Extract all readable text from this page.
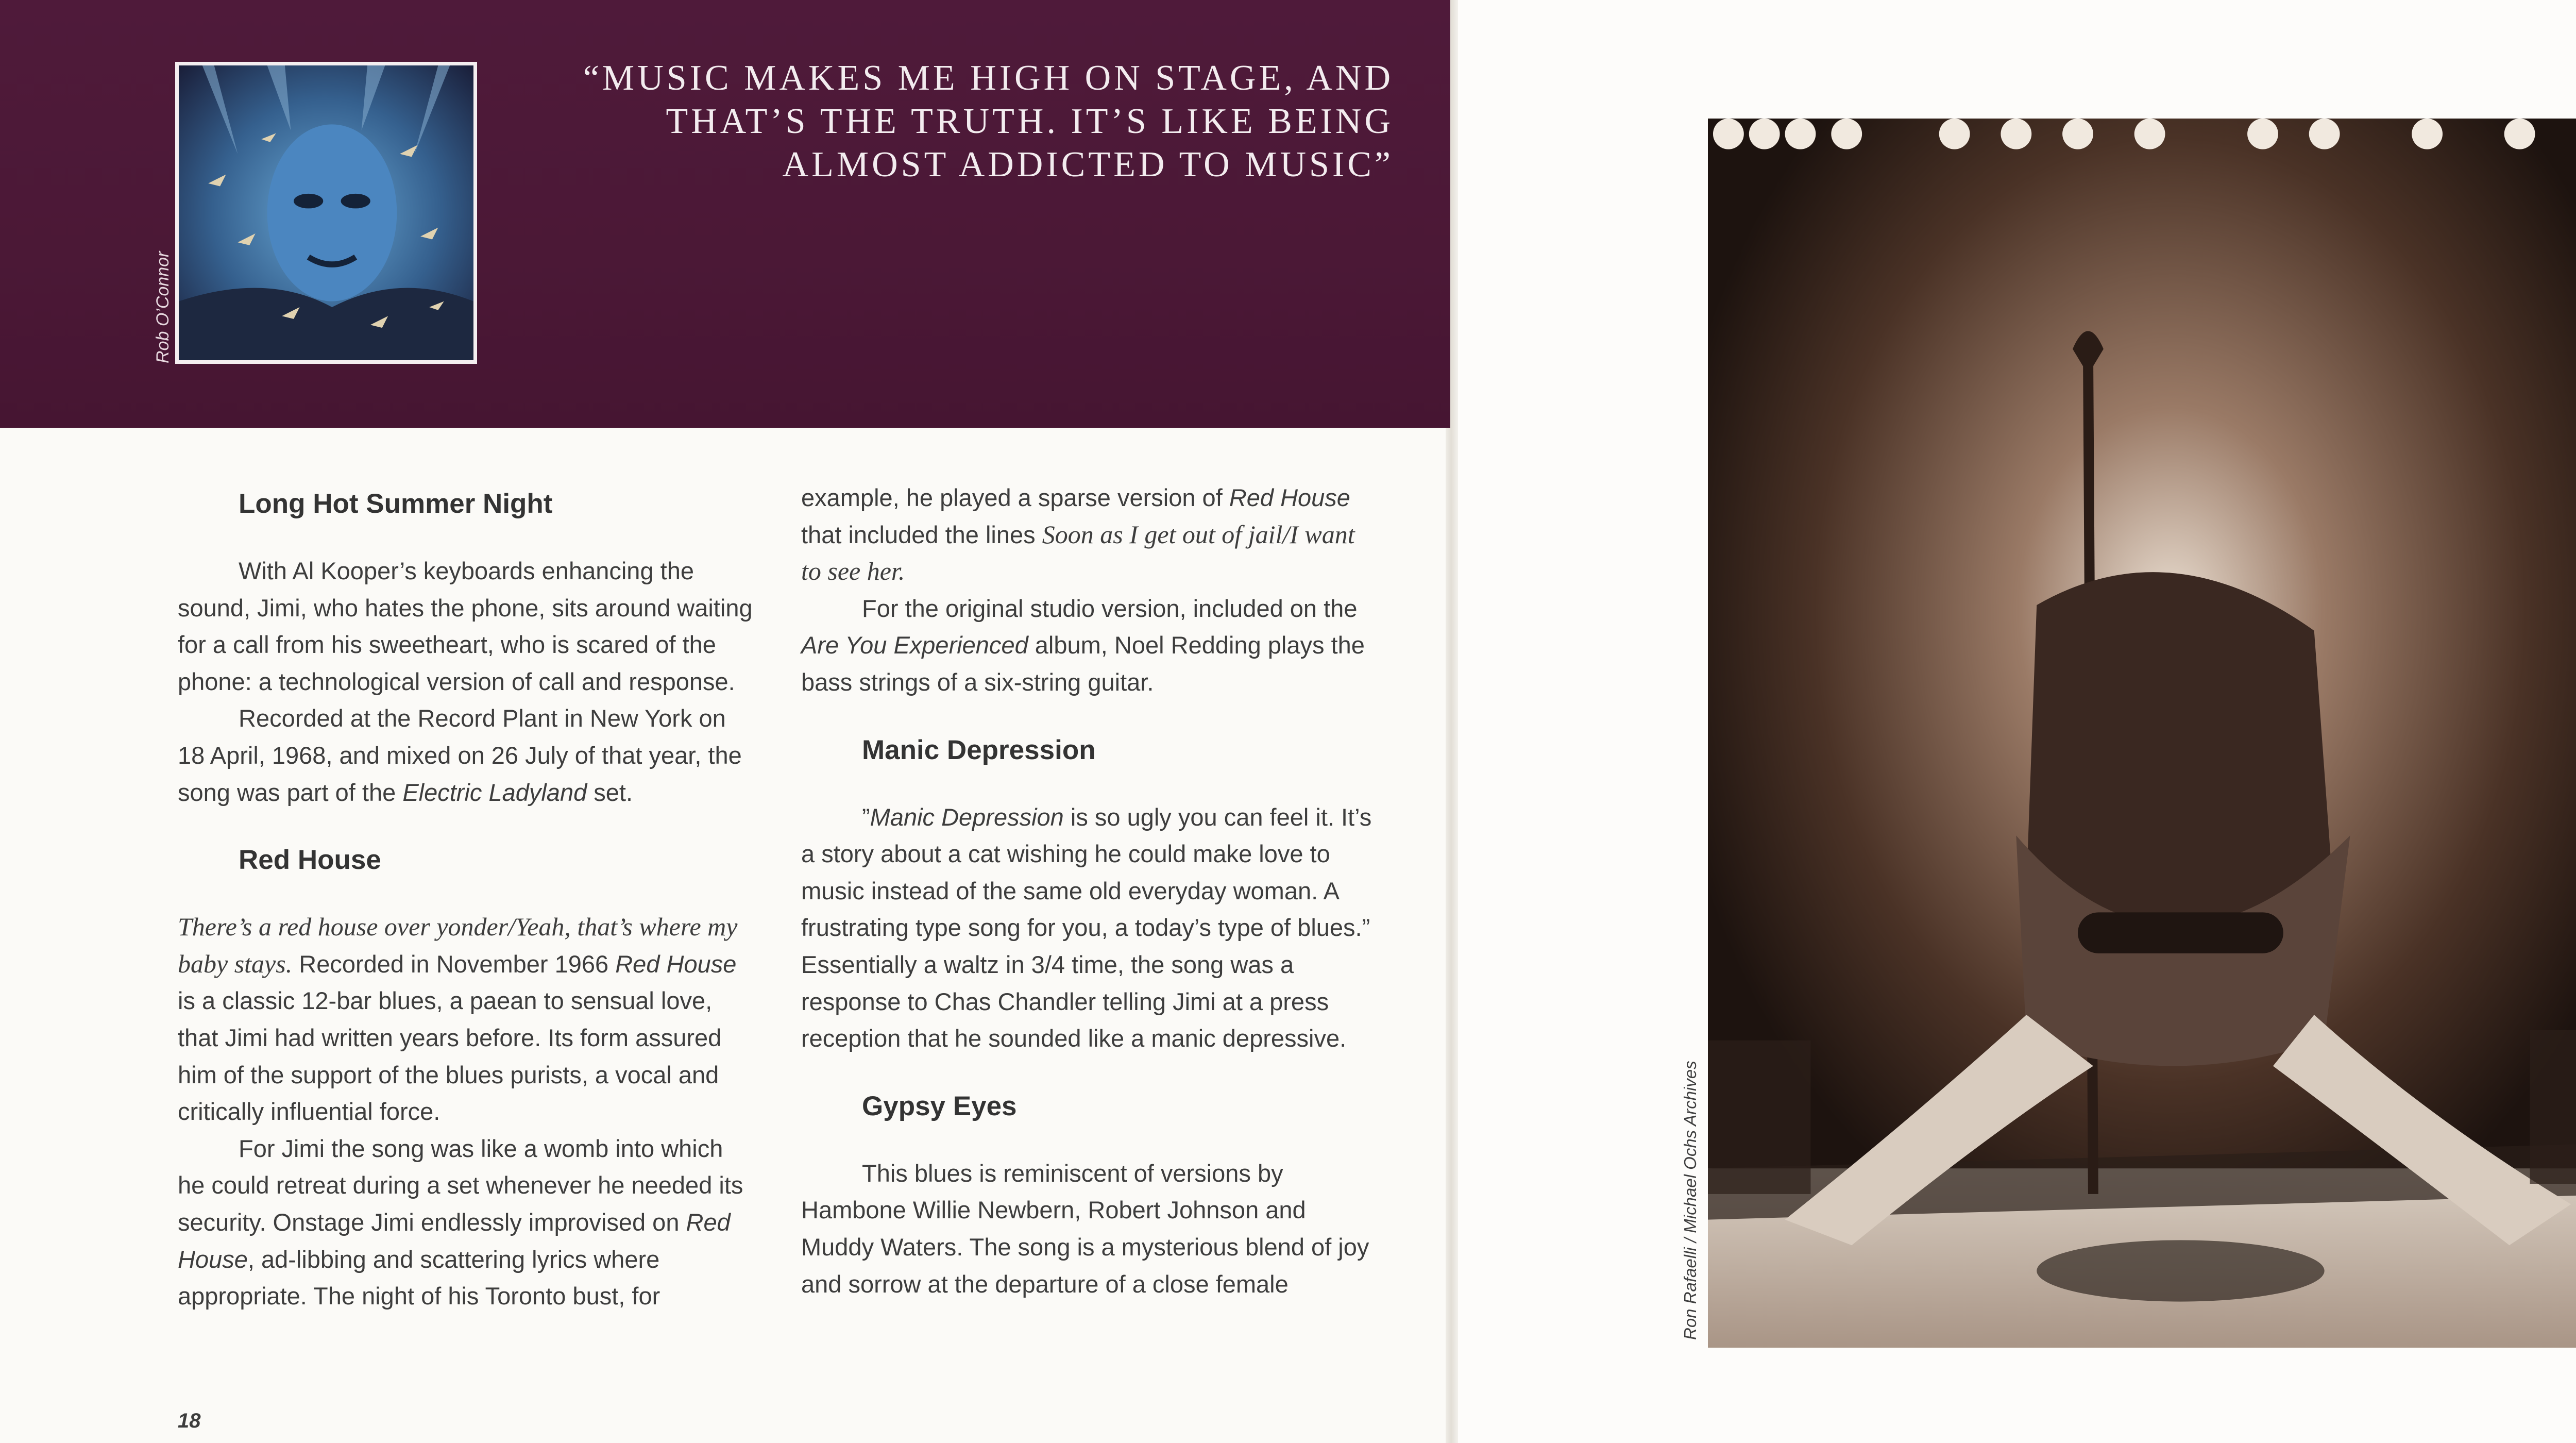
Rob O’Connor

“MUSIC MAKES ME HIGH ON STAGE, AND
THAT’S THE TRUTH. IT’S LIKE BEING
ALMOST ADDICTED TO MUSIC”

Long Hot Summer Night

With Al Kooper’s keyboards enhancing the sound, Jimi, who hates the phone, sits around waiting for a call from his sweetheart, who is scared of the phone: a technological version of call and response.

Recorded at the Record Plant in New York on 18 April, 1968, and mixed on 26 July of that year, the song was part of the Electric Ladyland set.

Red House

There’s a red house over yonder/Yeah, that’s where my baby stays. Recorded in November 1966 Red House is a classic 12-bar blues, a paean to sensual love, that Jimi had written years before. Its form assured him of the support of the blues purists, a vocal and critically influential force.

For Jimi the song was like a womb into which he could retreat during a set whenever he needed its security. Onstage Jimi endlessly improvised on Red House, ad-libbing and scattering lyrics where appropriate. The night of his Toronto bust, for

example, he played a sparse version of Red House that included the lines Soon as I get out of jail/I want to see her.

For the original studio version, included on the Are You Experienced album, Noel Redding plays the bass strings of a six-string guitar.

Manic Depression

”Manic Depression is so ugly you can feel it. It’s a story about a cat wishing he could make love to music instead of the same old everyday woman. A frustrating type song for you, a today’s type of blues.” Essentially a waltz in 3/4 time, the song was a response to Chas Chandler telling Jimi at a press reception that he sounded like a manic depressive.

Gypsy Eyes

This blues is reminiscent of versions by Hambone Willie Newbern, Robert Johnson and Muddy Waters. The song is a mysterious blend of joy and sorrow at the departure of a close female

18
Ron Rafaelli / Michael Ochs Archives
